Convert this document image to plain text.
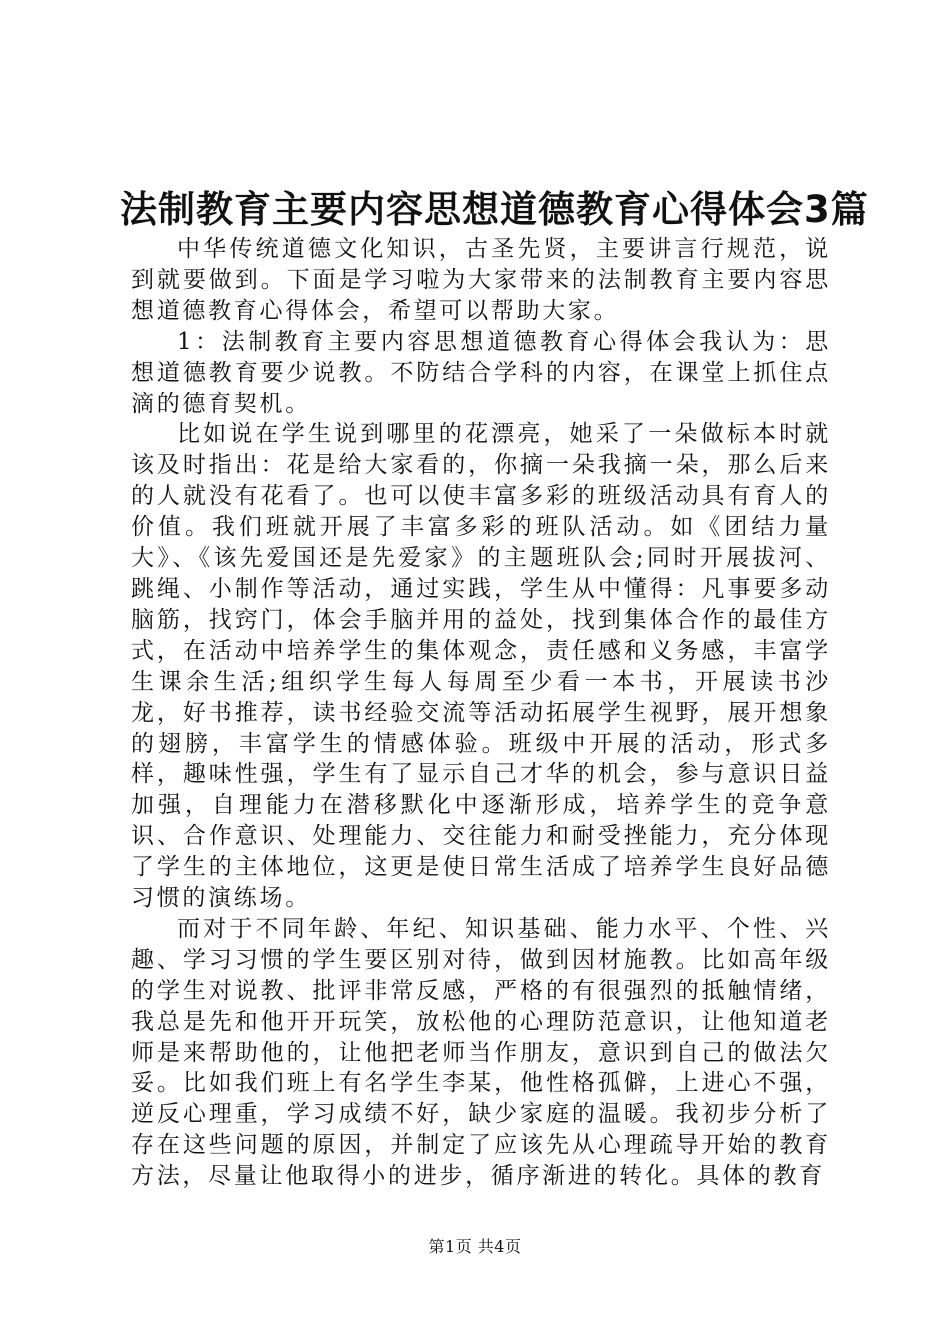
法制教育主要内容思想道德教育心得体会3篇

中华传统道德文化知识，古圣先贤，主要讲言行规范，说到就要做到。下面是学习啦为大家带来的法制教育主要内容思想道德教育心得体会，希望可以帮助大家。

1：法制教育主要内容思想道德教育心得体会我认为：思想道德教育要少说教。不防结合学科的内容，在课堂上抓住点滴的德育契机。

比如说在学生说到哪里的花漂亮，她采了一朵做标本时就该及时指出：花是给大家看的，你摘一朵我摘一朵，那么后来的人就没有花看了。也可以使丰富多彩的班级活动具有育人的价值。我们班就开展了丰富多彩的班队活动。如《团结力量大》、《该先爱国还是先爱家》的主题班队会;同时开展拔河、跳绳、小制作等活动，通过实践，学生从中懂得：凡事要多动脑筋，找窍门，体会手脑并用的益处，找到集体合作的最佳方式，在活动中培养学生的集体观念，责任感和义务感，丰富学生课余生活;组织学生每人每周至少看一本书，开展读书沙龙，好书推荐，读书经验交流等活动拓展学生视野，展开想象的翅膀，丰富学生的情感体验。班级中开展的活动，形式多样，趣味性强，学生有了显示自己才华的机会，参与意识日益加强，自理能力在潜移默化中逐渐形成，培养学生的竞争意识、合作意识、处理能力、交往能力和耐受挫能力，充分体现了学生的主体地位，这更是使日常生活成了培养学生良好品德习惯的演练场。

而对于不同年龄、年纪、知识基础、能力水平、个性、兴趣、学习习惯的学生要区别对待，做到因材施教。比如高年级的学生对说教、批评非常反感，严格的有很强烈的抵触情绪，我总是先和他开开玩笑，放松他的心理防范意识，让他知道老师是来帮助他的，让他把老师当作朋友，意识到自己的做法欠妥。比如我们班上有名学生李某，他性格孤僻，上进心不强，逆反心理重，学习成绩不好，缺少家庭的温暖。我初步分析了存在这些问题的原因，并制定了应该先从心理疏导开始的教育方法，尽量让他取得小的进步，循序渐进的转化。具体的教育

第1页 共4页
